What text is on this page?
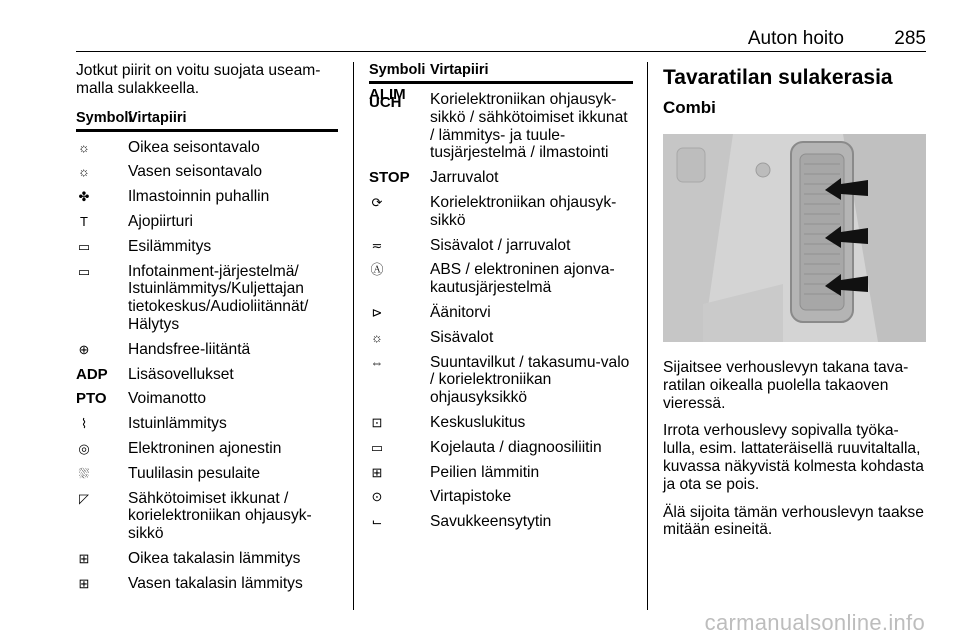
Auton hoito	285

Jotkut piirit on voitu suojata useam-malla sulakkeella.

Symboli
Virtapiiri
☼	Oikea seisontavalo
☼	Vasen seisontavalo
✤	Ilmastoinnin puhallin
T	Ajopiirturi
▭	Esilämmitys
▭	Infotainment-järjestelmä/ Istuinlämmitys/Kuljettajan tietokeskus/Audioliitännät/ Hälytys
⊕	Handsfree-liitäntä
ADP	Lisäsovellukset
PTO	Voimanotto
⌇	Istuinlämmitys
◎	Elektroninen ajonestin
⛆	Tuulilasin pesulaite
◸	Sähkötoimiset ikkunat / korielektroniikan ohjausyk-sikkö
⊞	Oikea takalasin lämmitys
⊞	Vasen takalasin lämmitys
Symboli Virtapiiri
ALIM UCH	Korielektroniikan ohjausyk-sikkö / sähkötoimiset ikkunat / lämmitys- ja tuule-tusjärjestelmä / ilmastointi
STOP	Jarruvalot
⟳	Korielektroniikan ohjausyk-sikkö
≂	Sisävalot / jarruvalot
Ⓐ	ABS / elektroninen ajonva-kautusjärjestelmä
⊳	Äänitorvi
☼	Sisävalot
⇔	Suuntavilkut / takasumu-valo / korielektroniikan ohjausyksikkö
⊡	Keskuslukitus
▭	Kojelauta / diagnoosiliitin
⊞	Peilien lämmitin
⊙	Virtapistoke
⌙	Savukkeensytytin
Tavaratilan sulakerasia
Combi

Sijaitsee verhouslevyn takana tava-ratilan oikealla puolella takaoven vieressä.

Irrota verhouslevy sopivalla työka-lulla, esim. lattateräisellä ruuvitaltalla, kuvassa näkyvistä kolmesta kohdasta ja ota se pois.

Älä sijoita tämän verhouslevyn taakse mitään esineitä.

carmanualsonline.info
